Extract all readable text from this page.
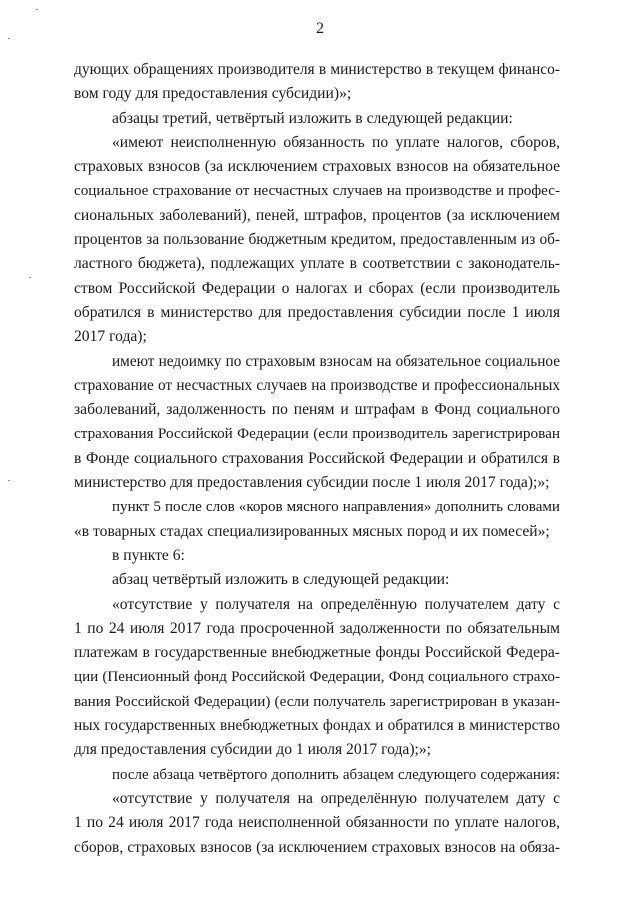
2
дующих обращениях производителя в министерство в текущем финансо-
вом году для предоставления субсидии)»;
абзацы третий, четвёртый изложить в следующей редакции:
«имеют неисполненную обязанность по уплате налогов, сборов,
страховых взносов (за исключением страховых взносов на обязательное
социальное страхование от несчастных случаев на производстве и профес-
сиональных заболеваний), пеней, штрафов, процентов (за исключением
процентов за пользование бюджетным кредитом, предоставленным из об-
ластного бюджета), подлежащих уплате в соответствии с законодатель-
ством Российской Федерации о налогах и сборах (если производитель
обратился в министерство для предоставления субсидии после 1 июля
2017 года);
имеют недоимку по страховым взносам на обязательное социальное
страхование от несчастных случаев на производстве и профессиональных
заболеваний, задолженность по пеням и штрафам в Фонд социального
страхования Российской Федерации (если производитель зарегистрирован
в Фонде социального страхования Российской Федерации и обратился в
министерство для предоставления субсидии после 1 июля 2017 года);»;
пункт 5 после слов «коров мясного направления» дополнить словами
«в товарных стадах специализированных мясных пород и их помесей»;
в пункте 6:
абзац четвёртый изложить в следующей редакции:
«отсутствие у получателя на определённую получателем дату с
1 по 24 июля 2017 года просроченной задолженности по обязательным
платежам в государственные внебюджетные фонды Российской Федера-
ции (Пенсионный фонд Российской Федерации, Фонд социального страхо-
вания Российской Федерации) (если получатель зарегистрирован в указан-
ных государственных внебюджетных фондах и обратился в министерство
для предоставления субсидии до 1 июля 2017 года);»;
после абзаца четвёртого дополнить абзацем следующего содержания:
«отсутствие у получателя на определённую получателем дату с
1 по 24 июля 2017 года неисполненной обязанности по уплате налогов,
сборов, страховых взносов (за исключением страховых взносов на обяза-
